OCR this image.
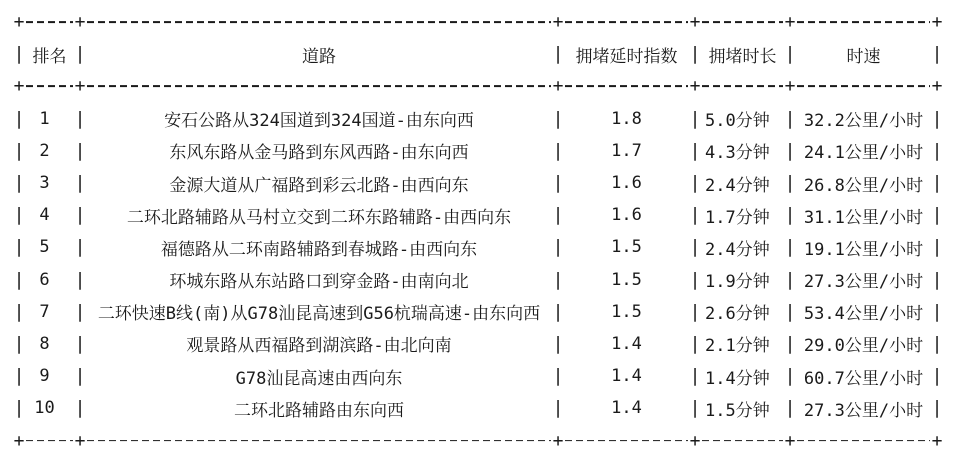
+	+	+	+	+	+
| 排名 |	道路	| 拥堵延时指数 | 拥堵时长 |	时速	|
+	+	+	+	+	+
| 1 |	安石公路从324国道到324国道-由东向西	|	1.8	| 5.0分钟 | 32.2公里/小时 |
| 2 |	东风东路从金马路到东风西路-由东向西	|	1.7	| 4.3分钟 | 24.1公里/小时 |
| 3 |	金源大道从广福路到彩云北路-由西向东	|	1.6	| 2.4分钟 | 26.8公里/小时 |
| 4 | 二环北路辅路从马村立交到二环东路辅路-由西向东 |	1.6	| 1.7分钟 | 31.1公里/小时 |
| 5 |	福德路从二环南路辅路到春城路-由西向东	|	1.5	| 2.4分钟 | 19.1公里/小时 |
| 6 |	环城东路从东站路口到穿金路-由南向北	|	1.5	| 1.9分钟 | 27.3公里/小时 |
| 7 | 二环快速B线(南)从G78汕昆高速到G56杭瑞高速-由东向西 |	1.5	| 2.6分钟 | 53.4公里/小时 |
| 8 |	观景路从西福路到湖滨路-由北向南	|	1.4	| 2.1分钟 | 29.0公里/小时 |
| 9 |	G78汕昆高速由西向东	|	1.4	| 1.4分钟 | 60.7公里/小时 |
| 10 |	二环北路辅路由东向西	|	1.4	| 1.5分钟 | 27.3公里/小时 |
+	+	+	+	+	+
